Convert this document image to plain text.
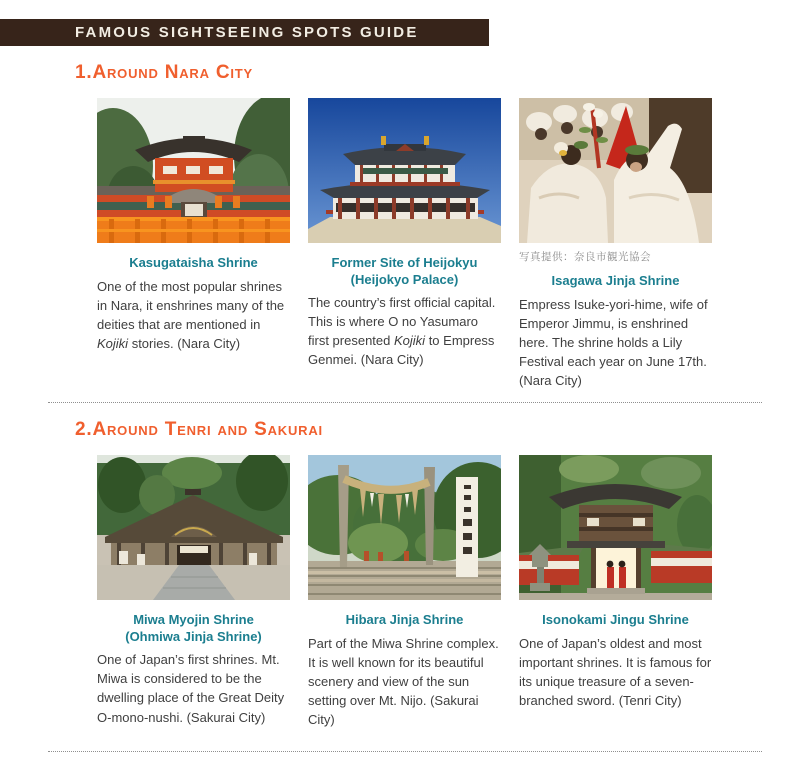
FAMOUS SIGHTSEEING SPOTS GUIDE
1.Around Nara City
Kasugataisha Shrine

One of the most popular shrines in Nara, it enshrines many of the deities that are mentioned in Kojiki stories. (Nara City)

Former Site of Heijokyu
(Heijokyo Palace)

The country’s first official capital. This is where O no Yasumaro first presented Kojiki to Empress Genmei. (Nara City)

写真提供：奈良市観光協会
Isagawa Jinja Shrine

Empress Isuke-yori-hime, wife of Emperor Jimmu, is enshrined here. The shrine holds a Lily Festival each year on June 17th. (Nara City)

2.Around Tenri and Sakurai
Miwa Myojin Shrine
(Ohmiwa Jinja Shrine)

One of Japan’s first shrines. Mt. Miwa is considered to be the dwelling place of the Great Deity O-mono-nushi. (Sakurai City)

Hibara Jinja Shrine

Part of the Miwa Shrine complex. It is well known for its beautiful scenery and view of the sun setting over Mt. Nijo. (Sakurai City)

Isonokami Jingu Shrine

One of Japan’s oldest and most important shrines. It is famous for its unique treasure of a seven-branched sword. (Tenri City)
